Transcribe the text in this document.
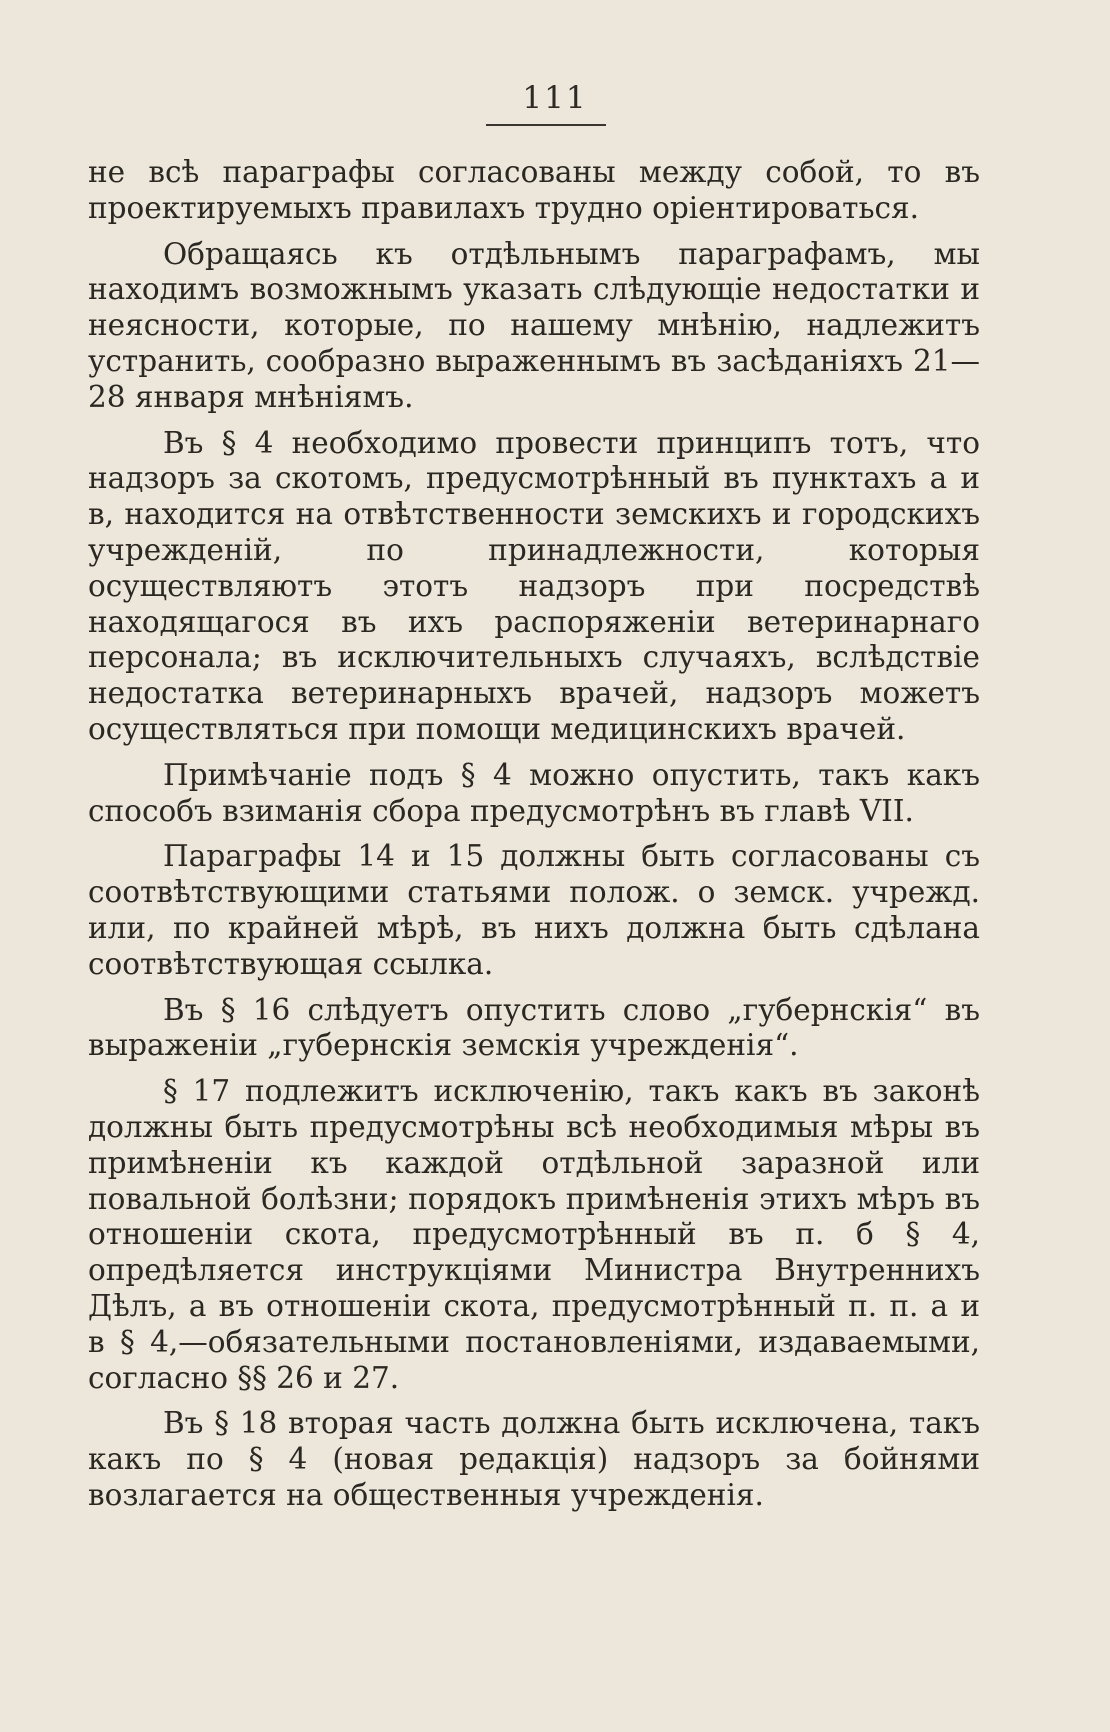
111

не всѣ параграфы согласованы между собой, то въ проектируемыхъ правилахъ трудно оріентироваться.

Обращаясь къ отдѣльнымъ параграфамъ, мы находимъ возможнымъ указать слѣдующіе недостатки и неясности, которые, по нашему мнѣнію, надлежитъ устранить, сообразно выраженнымъ въ засѣданіяхъ 21—28 января мнѣніямъ.

Въ § 4 необходимо провести принципъ тотъ, что надзоръ за скотомъ, предусмотрѣнный въ пунктахъ а и в, находится на отвѣтственности земскихъ и городскихъ учрежденій, по принадлежности, которыя осуществляютъ этотъ надзоръ при посредствѣ находящагося въ ихъ распоряженіи ветеринарнаго персонала; въ исключительныхъ случаяхъ, вслѣдствіе недостатка ветеринарныхъ врачей, надзоръ можетъ осуществляться при помощи медицинскихъ врачей.

Примѣчаніе подъ § 4 можно опустить, такъ какъ способъ взиманія сбора предусмотрѣнъ въ главѣ VII.

Параграфы 14 и 15 должны быть согласованы съ соотвѣтствующими статьями полож. о земск. учрежд. или, по крайней мѣрѣ, въ нихъ должна быть сдѣлана соотвѣтствующая ссылка.

Въ § 16 слѣдуетъ опустить слово „губернскія“ въ выраженіи „губернскія земскія учрежденія“.

§ 17 подлежитъ исключенію, такъ какъ въ законѣ должны быть предусмотрѣны всѣ необходимыя мѣры въ примѣненіи къ каждой отдѣльной заразной или повальной болѣзни; порядокъ примѣненія этихъ мѣръ въ отношеніи скота, предусмотрѣнный въ п. б § 4, опредѣляется инструкціями Министра Внутреннихъ Дѣлъ, а въ отношеніи скота, предусмотрѣнный п. п. а и в § 4,—обязательными постановленіями, издаваемыми, согласно §§ 26 и 27.

Въ § 18 вторая часть должна быть исключена, такъ какъ по § 4 (новая редакція) надзоръ за бойнями возлагается на общественныя учрежденія.
